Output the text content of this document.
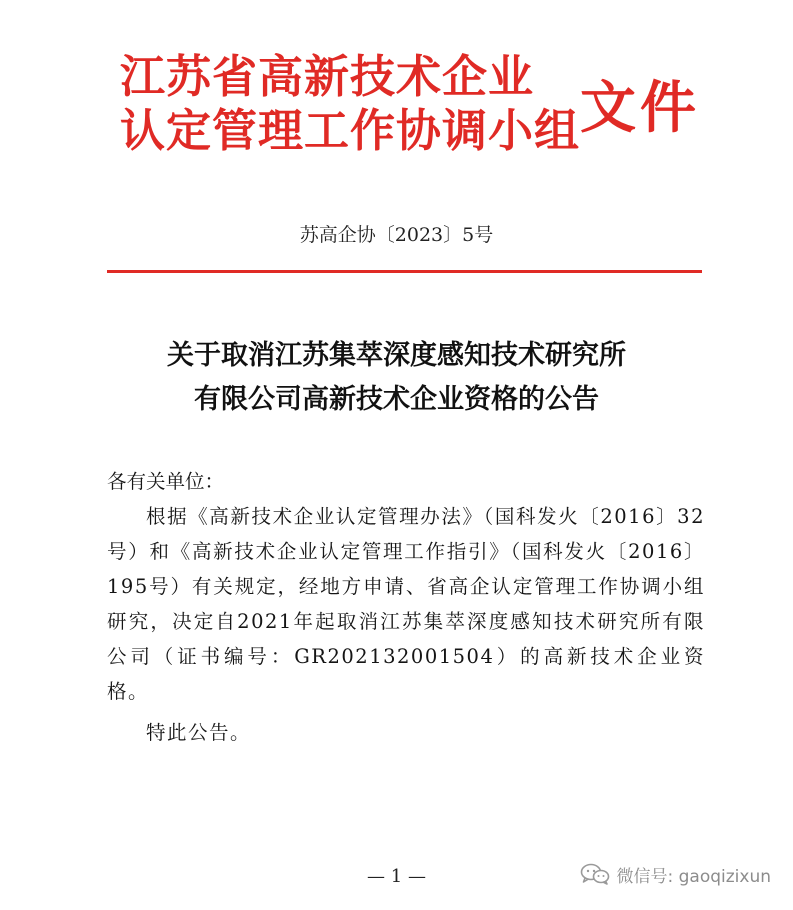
江苏省高新技术企业
认定管理工作协调小组 文件
苏高企协〔2023〕5号
关于取消江苏集萃深度感知技术研究所
有限公司高新技术企业资格的公告
各有关单位：
根据《高新技术企业认定管理办法》（国科发火〔2016〕32号）和《高新技术企业认定管理工作指引》（国科发火〔2016〕195号）有关规定，经地方申请、省高企认定管理工作协调小组研究，决定自2021年起取消江苏集萃深度感知技术研究所有限公司（证书编号：GR202132001504）的高新技术企业资格。
特此公告。
— 1 —	微信号: gaoqizixun
